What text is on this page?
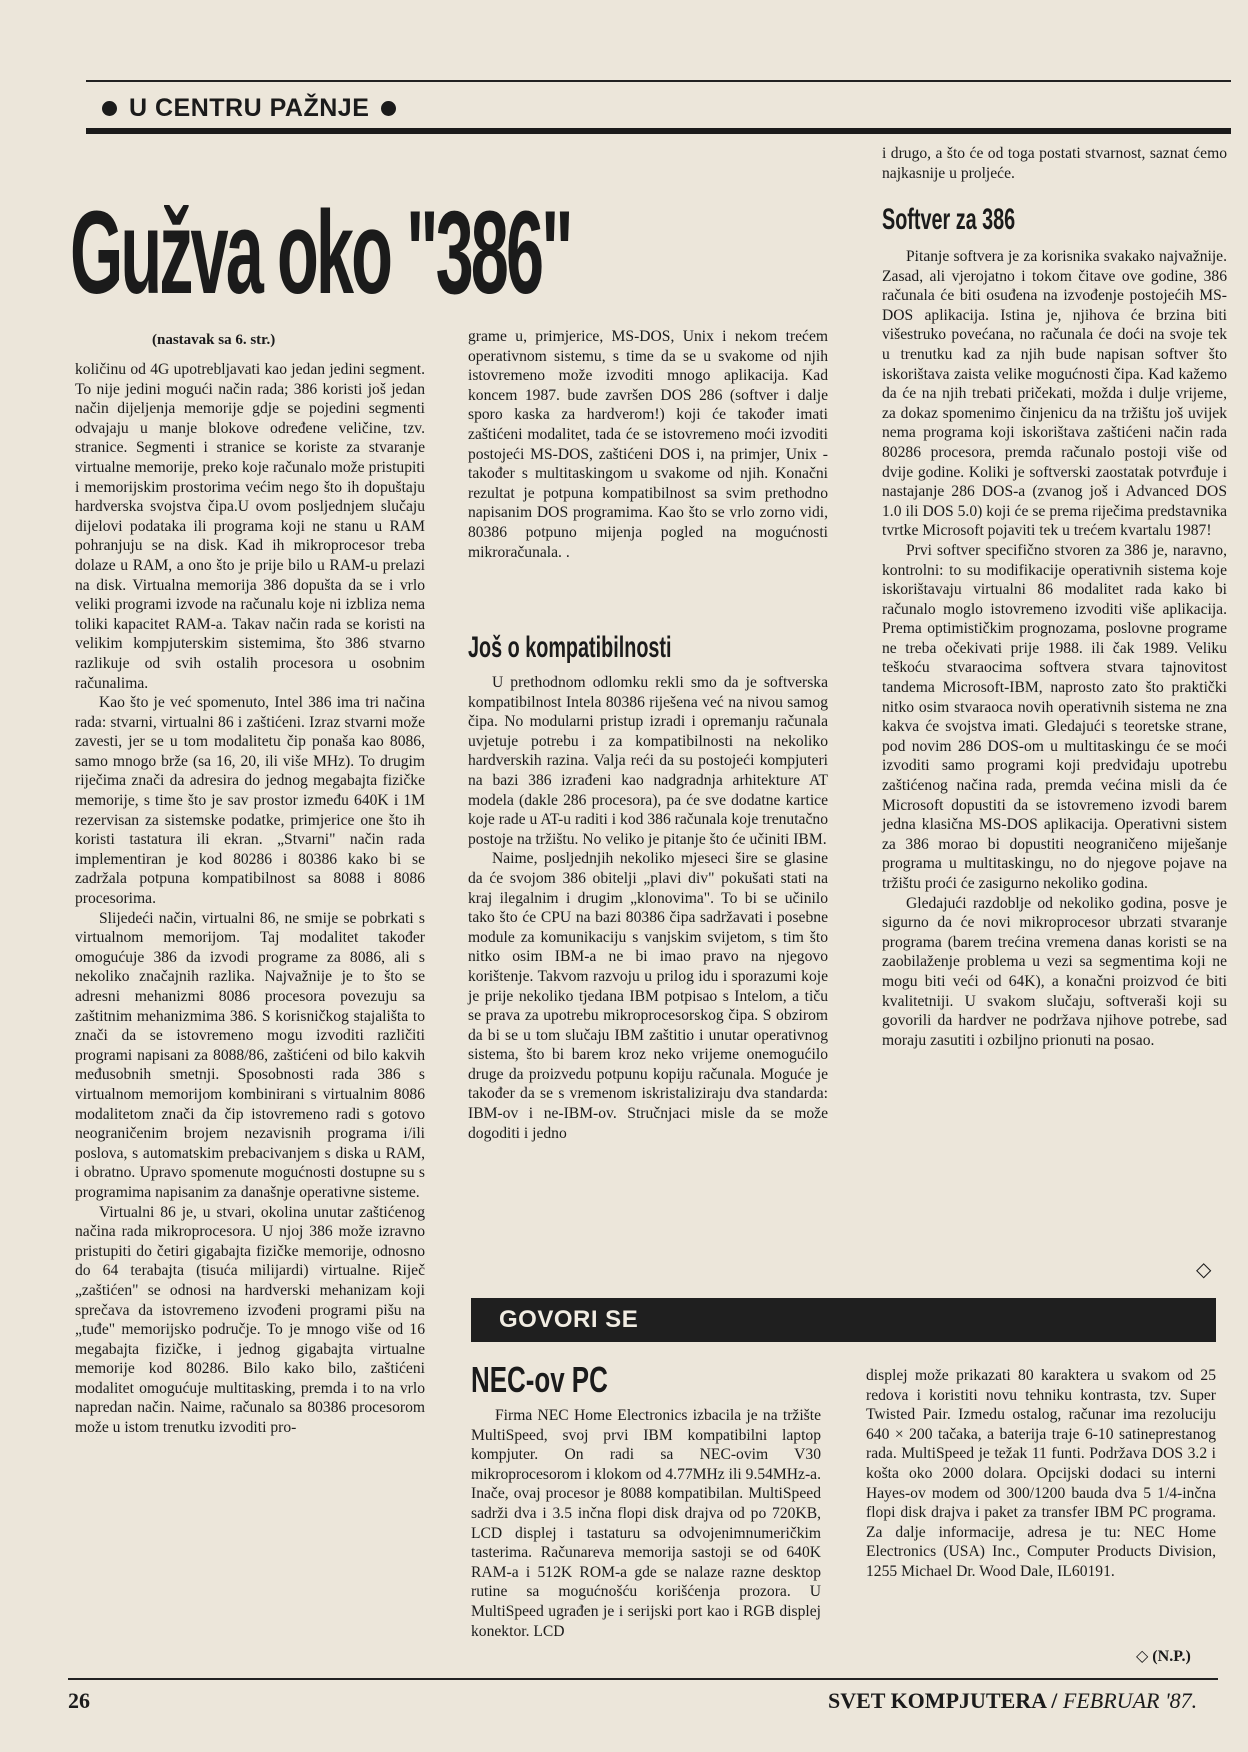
U CENTRU PAŽNJE
Gužva oko "386"
(nastavak sa 6. str.)

količinu od 4G upotrebljavati kao jedan jedini segment. To nije jedini mogući način rada; 386 koristi još jedan način dijeljenja memorije gdje se pojedini segmenti odvajaju u manje blokove određene veličine, tzv. stranice. Segmenti i stranice se koriste za stvaranje virtualne memorije, preko koje računalo može pristupiti i memorijskim prostorima većim nego što ih dopuštaju hardverska svojstva čipa.U ovom posljednjem slučaju dijelovi podataka ili programa koji ne stanu u RAM pohranjuju se na disk. Kad ih mikroprocesor treba dolaze u RAM, a ono što je prije bilo u RAM-u prelazi na disk. Virtualna memorija 386 dopušta da se i vrlo veliki programi izvode na računalu koje ni izbliza nema toliki kapacitet RAM-a. Takav način rada se koristi na velikim kompjuterskim sistemima, što 386 stvarno razlikuje od svih ostalih procesora u osobnim računalima.

Kao što je već spomenuto, Intel 386 ima tri načina rada: stvarni, virtualni 86 i zaštićeni. Izraz stvarni može zavesti, jer se u tom modalitetu čip ponaša kao 8086, samo mnogo brže (sa 16, 20, ili više MHz). To drugim riječima znači da adresira do jednog megabajta fizičke memorije, s time što je sav prostor između 640K i 1M rezervisan za sistemske podatke, primjerice one što ih koristi tastatura ili ekran. „Stvarni" način rada implementiran je kod 80286 i 80386 kako bi se zadržala potpuna kompatibilnost sa 8088 i 8086 procesorima.

Slijedeći način, virtualni 86, ne smije se pobrkati s virtualnom memorijom. Taj modalitet također omogućuje 386 da izvodi programe za 8086, ali s nekoliko značajnih razlika. Najvažnije je to što se adresni mehanizmi 8086 procesora povezuju sa zaštitnim mehanizmima 386. S korisničkog stajališta to znači da se istovremeno mogu izvoditi različiti programi napisani za 8088/86, zaštićeni od bilo kakvih međusobnih smetnji. Sposobnosti rada 386 s virtualnom memorijom kombinirani s virtualnim 8086 modalitetom znači da čip istovremeno radi s gotovo neograničenim brojem nezavisnih programa i/ili poslova, s automatskim prebacivanjem s diska u RAM, i obratno. Upravo spomenute mogućnosti dostupne su s programima napisanim za današnje operativne sisteme.

Virtualni 86 je, u stvari, okolina unutar zaštićenog načina rada mikroprocesora. U njoj 386 može izravno pristupiti do četiri gigabajta fizičke memorije, odnosno do 64 terabajta (tisuća milijardi) virtualne. Riječ „zaštićen" se odnosi na hardverski mehanizam koji sprečava da istovremeno izvođeni programi pišu na „tuđe" memorijsko područje. To je mnogo više od 16 megabajta fizičke, i jednog gigabajta virtualne memorije kod 80286. Bilo kako bilo, zaštićeni modalitet omogućuje multitasking, premda i to na vrlo napredan način. Naime, računalo sa 80386 procesorom može u istom trenutku izvoditi pro-

grame u, primjerice, MS-DOS, Unix i nekom trećem operativnom sistemu, s time da se u svakome od njih istovremeno može izvoditi mnogo aplikacija. Kad koncem 1987. bude završen DOS 286 (softver i dalje sporo kaska za hardverom!) koji će također imati zaštićeni modalitet, tada će se istovremeno moći izvoditi postojeći MS-DOS, zaštićeni DOS i, na primjer, Unix - također s multitaskingom u svakome od njih. Konačni rezultat je potpuna kompatibilnost sa svim prethodno napisanim DOS programima. Kao što se vrlo zorno vidi, 80386 potpuno mijenja pogled na mogućnosti mikroračunala. .

Još o kompatibilnosti

U prethodnom odlomku rekli smo da je softverska kompatibilnost Intela 80386 riješena već na nivou samog čipa. No modularni pristup izradi i opremanju računala uvjetuje potrebu i za kompatibilnosti na nekoliko hardverskih razina. Valja reći da su postojeći kompjuteri na bazi 386 izrađeni kao nadgradnja arhitekture AT modela (dakle 286 procesora), pa će sve dodatne kartice koje rade u AT-u raditi i kod 386 računala koje trenutačno postoje na tržištu. No veliko je pitanje što će učiniti IBM.

Naime, posljednjih nekoliko mjeseci šire se glasine da će svojom 386 obitelji „plavi div" pokušati stati na kraj ilegalnim i drugim „klonovima". To bi se učinilo tako što će CPU na bazi 80386 čipa sadržavati i posebne module za komunikaciju s vanjskim svijetom, s tim što nitko osim IBM-a ne bi imao pravo na njegovo korištenje. Takvom razvoju u prilog idu i sporazumi koje je prije nekoliko tjedana IBM potpisao s Intelom, a tiču se prava za upotrebu mikroprocesorskog čipa. S obzirom da bi se u tom slučaju IBM zaštitio i unutar operativnog sistema, što bi barem kroz neko vrijeme onemogućilo druge da proizvedu potpunu kopiju računala. Moguće je također da se s vremenom iskristaliziraju dva standarda: IBM-ov i ne-IBM-ov. Stručnjaci misle da se može dogoditi i jedno

i drugo, a što će od toga postati stvarnost, saznat ćemo najkasnije u proljeće.

Softver za 386

Pitanje softvera je za korisnika svakako najvažnije. Zasad, ali vjerojatno i tokom čitave ove godine, 386 računala će biti osuđena na izvođenje postojećih MS-DOS aplikacija. Istina je, njihova će brzina biti višestruko povećana, no računala će doći na svoje tek u trenutku kad za njih bude napisan softver što iskorištava zaista velike mogućnosti čipa. Kad kažemo da će na njih trebati pričekati, možda i dulje vrijeme, za dokaz spomenimo činjenicu da na tržištu još uvijek nema programa koji iskorištava zaštićeni način rada 80286 procesora, premda računalo postoji više od dvije godine. Koliki je softverski zaostatak potvrđuje i nastajanje 286 DOS-a (zvanog još i Advanced DOS 1.0 ili DOS 5.0) koji će se prema riječima predstavnika tvrtke Microsoft pojaviti tek u trećem kvartalu 1987!

Prvi softver specifično stvoren za 386 je, naravno, kontrolni: to su modifikacije operativnih sistema koje iskorištavaju virtualni 86 modalitet rada kako bi računalo moglo istovremeno izvoditi više aplikacija. Prema optimističkim prognozama, poslovne programe ne treba očekivati prije 1988. ili čak 1989. Veliku teškoću stvaraocima softvera stvara tajnovitost tandema Microsoft-IBM, naprosto zato što praktički nitko osim stvaraoca novih operativnih sistema ne zna kakva će svojstva imati. Gledajući s teoretske strane, pod novim 286 DOS-om u multitaskingu će se moći izvoditi samo programi koji predviđaju upotrebu zaštićenog načina rada, premda većina misli da će Microsoft dopustiti da se istovremeno izvodi barem jedna klasična MS-DOS aplikacija. Operativni sistem za 386 morao bi dopustiti neograničeno miješanje programa u multitaskingu, no do njegove pojave na tržištu proći će zasigurno nekoliko godina.

Gledajući razdoblje od nekoliko godina, posve je sigurno da će novi mikroprocesor ubrzati stvaranje programa (barem trećina vremena danas koristi se na zaobilaženje problema u vezi sa segmentima koji ne mogu biti veći od 64K), a konačni proizvod će biti kvalitetniji. U svakom slučaju, softveraši koji su govorili da hardver ne podržava njihove potrebe, sad moraju zasutiti i ozbiljno prionuti na posao.

◇
GOVORI SE
NEC-ov PC

Firma NEC Home Electronics izbacila je na tržište MultiSpeed, svoj prvi IBM kompatibilni laptop kompjuter. On radi sa NEC-ovim V30 mikroprocesorom i klokom od 4.77MHz ili 9.54MHz-a. Inače, ovaj procesor je 8088 kompatibilan. MultiSpeed sadrži dva i 3.5 inčna flopi disk drajva od po 720KB, LCD displej i tastaturu sa odvojenimnumeričkim tasterima. Računareva memorija sastoji se od 640K RAM-a i 512K ROM-a gde se nalaze razne desktop rutine sa mogućnošću korišćenja prozora. U MultiSpeed ugrađen je i serijski port kao i RGB displej konektor. LCD

displej može prikazati 80 karaktera u svakom od 25 redova i koristiti novu tehniku kontrasta, tzv. Super Twisted Pair. Izmedu ostalog, računar ima rezoluciju 640 × 200 tačaka, a baterija traje 6-10 satineprestanog rada. MultiSpeed je težak 11 funti. Podržava DOS 3.2 i košta oko 2000 dolara. Opcijski dodaci su interni Hayes-ov modem od 300/1200 bauda dva 5 1/4-inčna flopi disk drajva i paket za transfer IBM PC programa. Za dalje informacije, adresa je tu: NEC Home Electronics (USA) Inc., Computer Products Division, 1255 Michael Dr. Wood Dale, IL60191.

◇ (N.P.)
26	SVET KOMPJUTERA / FEBRUAR '87.
